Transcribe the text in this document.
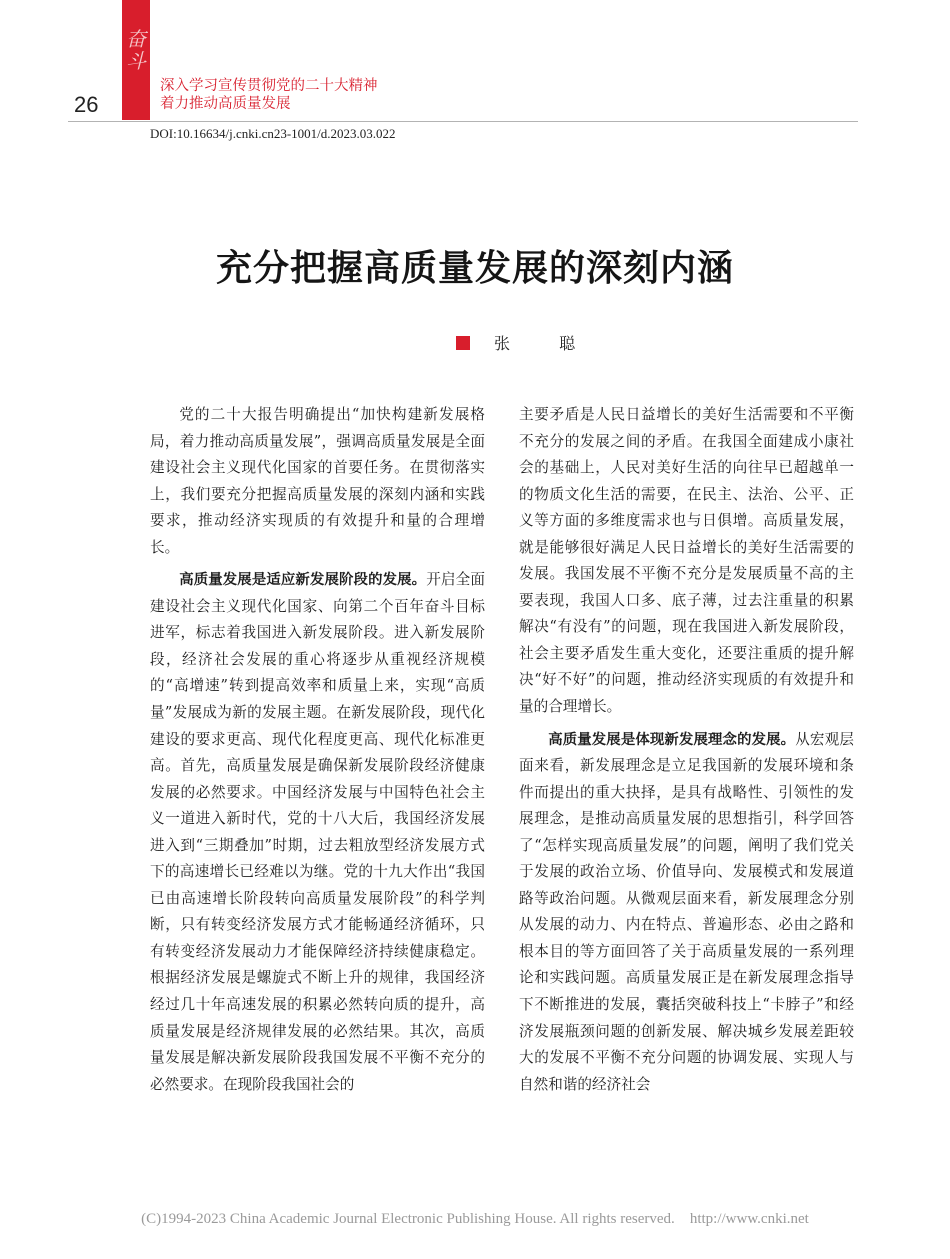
奋斗
26
深入学习宣传贯彻党的二十大精神
着力推动高质量发展
DOI:10.16634/j.cnki.cn23-1001/d.2023.03.022
充分把握高质量发展的深刻内涵
张 聪

党的二十大报告明确提出“加快构建新发展格局，着力推动高质量发展”，强调高质量发展是全面建设社会主义现代化国家的首要任务。在贯彻落实上，我们要充分把握高质量发展的深刻内涵和实践要求，推动经济实现质的有效提升和量的合理增长。

高质量发展是适应新发展阶段的发展。开启全面建设社会主义现代化国家、向第二个百年奋斗目标进军，标志着我国进入新发展阶段。进入新发展阶段，经济社会发展的重心将逐步从重视经济规模的“高增速”转到提高效率和质量上来，实现“高质量”发展成为新的发展主题。在新发展阶段，现代化建设的要求更高、现代化程度更高、现代化标准更高。首先，高质量发展是确保新发展阶段经济健康发展的必然要求。中国经济发展与中国特色社会主义一道进入新时代，党的十八大后，我国经济发展进入到“三期叠加”时期，过去粗放型经济发展方式下的高速增长已经难以为继。党的十九大作出“我国已由高速增长阶段转向高质量发展阶段”的科学判断，只有转变经济发展方式才能畅通经济循环，只有转变经济发展动力才能保障经济持续健康稳定。根据经济发展是螺旋式不断上升的规律，我国经济经过几十年高速发展的积累必然转向质的提升，高质量发展是经济规律发展的必然结果。其次，高质量发展是解决新发展阶段我国发展不平衡不充分的必然要求。在现阶段我国社会的

主要矛盾是人民日益增长的美好生活需要和不平衡不充分的发展之间的矛盾。在我国全面建成小康社会的基础上，人民对美好生活的向往早已超越单一的物质文化生活的需要，在民主、法治、公平、正义等方面的多维度需求也与日俱增。高质量发展，就是能够很好满足人民日益增长的美好生活需要的发展。我国发展不平衡不充分是发展质量不高的主要表现，我国人口多、底子薄，过去注重量的积累解决“有没有”的问题，现在我国进入新发展阶段，社会主要矛盾发生重大变化，还要注重质的提升解决“好不好”的问题，推动经济实现质的有效提升和量的合理增长。

高质量发展是体现新发展理念的发展。从宏观层面来看，新发展理念是立足我国新的发展环境和条件而提出的重大抉择，是具有战略性、引领性的发展理念，是推动高质量发展的思想指引，科学回答了“怎样实现高质量发展”的问题，阐明了我们党关于发展的政治立场、价值导向、发展模式和发展道路等政治问题。从微观层面来看，新发展理念分别从发展的动力、内在特点、普遍形态、必由之路和根本目的等方面回答了关于高质量发展的一系列理论和实践问题。高质量发展正是在新发展理念指导下不断推进的发展，囊括突破科技上“卡脖子”和经济发展瓶颈问题的创新发展、解决城乡发展差距较大的发展不平衡不充分问题的协调发展、实现人与自然和谐的经济社会

(C)1994-2023 China Academic Journal Electronic Publishing House. All rights reserved. http://www.cnki.net
